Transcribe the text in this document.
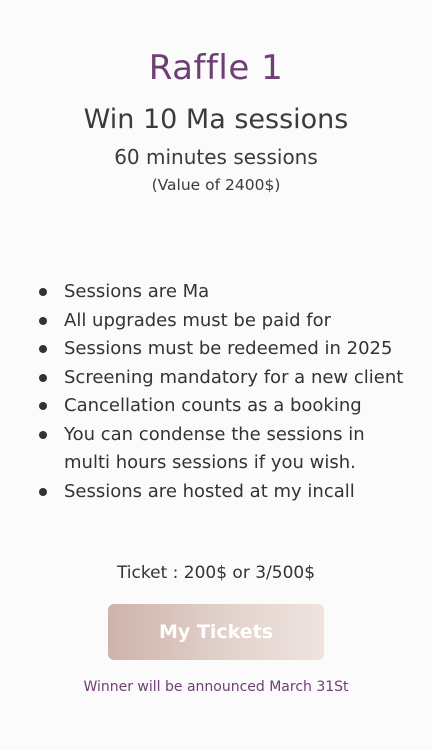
Raffle 1
Win 10 Ma sessions
60 minutes sessions
(Value of 2400$)
Sessions are Ma
All upgrades must be paid for
Sessions must be redeemed in 2025
Screening mandatory for a new client
Cancellation counts as a booking
You can condense the sessions in multi hours sessions if you wish.
Sessions are hosted at my incall
Ticket : 200$ or 3/500$
My Tickets
Winner will be announced March 31St
